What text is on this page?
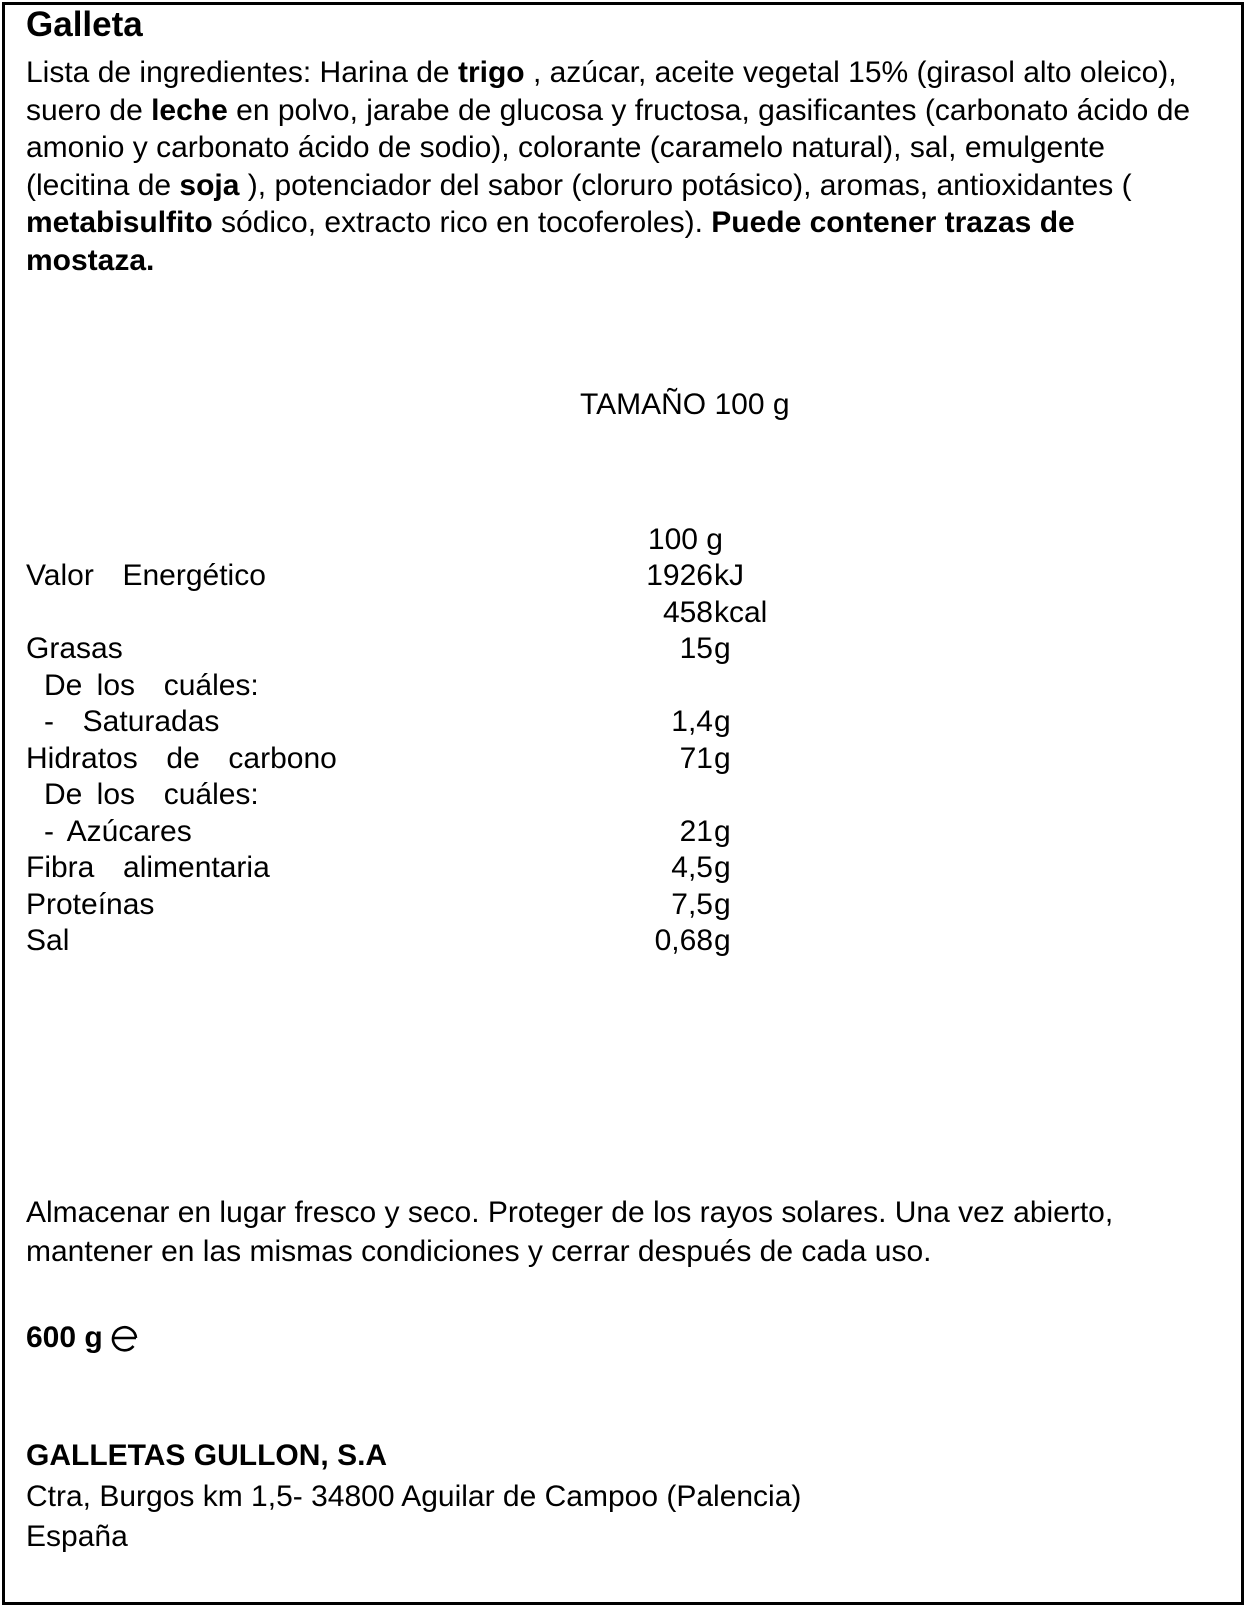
Galleta
Lista de ingredientes: Harina de trigo , azúcar, aceite vegetal 15% (girasol alto oleico), suero de leche en polvo, jarabe de glucosa y fructosa, gasificantes (carbonato ácido de amonio y carbonato ácido de sodio), colorante (caramelo natural), sal, emulgente (lecitina de soja ), potenciador del sabor (cloruro potásico), aromas, antioxidantes ( metabisulfito sódico, extracto rico en tocoferoles). Puede contener trazas de mostaza.
TAMAÑO 100 g
100 g
Valor  Energético	1926 kJ
458 kcal
Grasas	15 g
De los  cuáles:
-  Saturadas	1,4 g
Hidratos  de  carbono	71 g
De los  cuáles:
- Azúcares	21 g
Fibra  alimentaria	4,5 g
Proteínas	7,5 g
Sal	0,68 g
Almacenar en lugar fresco y seco. Proteger de los rayos solares. Una vez abierto, mantener en las mismas condiciones y cerrar después de cada uso.
600 g
GALLETAS GULLON, S.A
Ctra, Burgos km 1,5- 34800 Aguilar de Campoo (Palencia)
España
